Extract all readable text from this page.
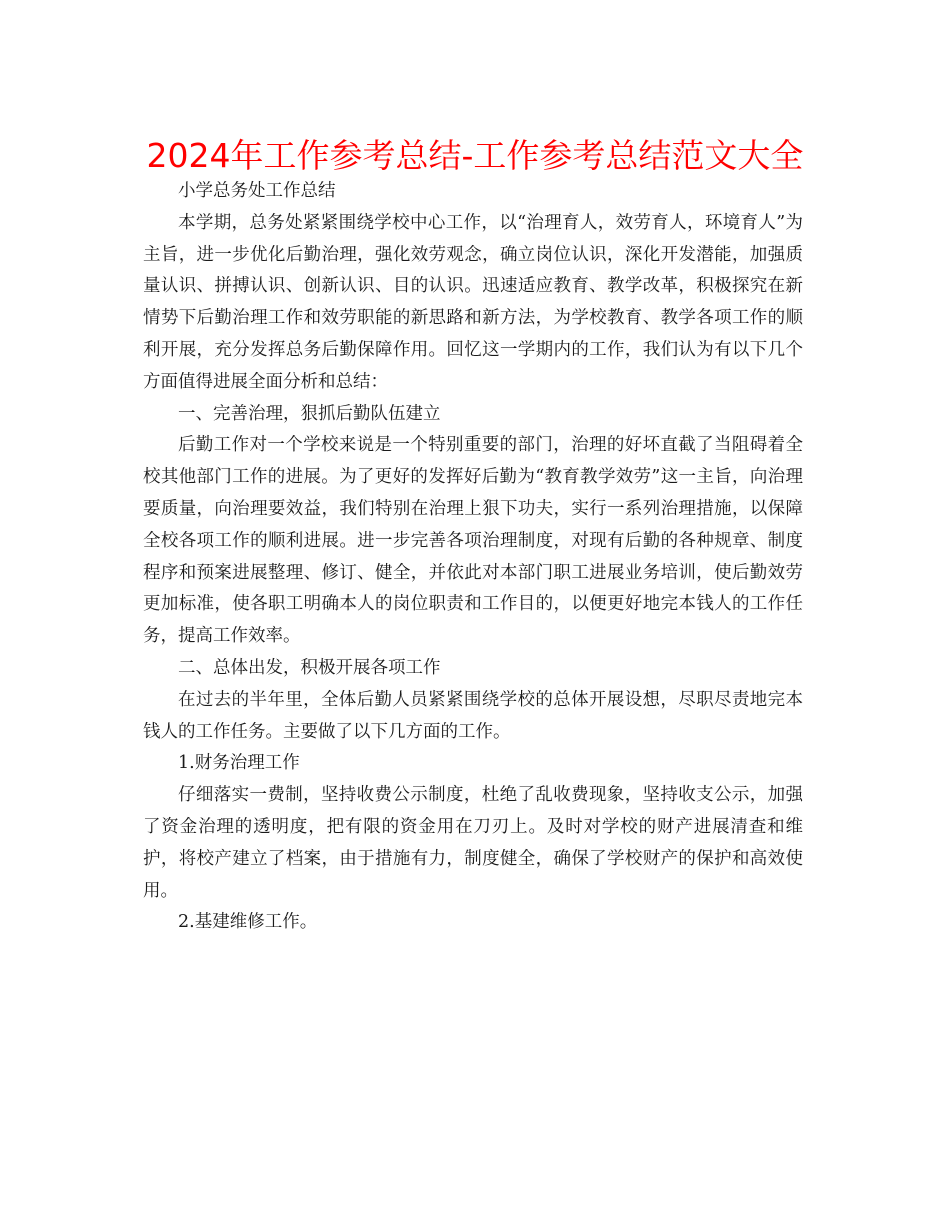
2024年工作参考总结-工作参考总结范文大全

小学总务处工作总结

本学期，总务处紧紧围绕学校中心工作，以“治理育人，效劳育人，环境育人”为主旨，进一步优化后勤治理，强化效劳观念，确立岗位认识，深化开发潜能，加强质量认识、拼搏认识、创新认识、目的认识。迅速适应教育、教学改革，积极探究在新情势下后勤治理工作和效劳职能的新思路和新方法，为学校教育、教学各项工作的顺利开展，充分发挥总务后勤保障作用。回忆这一学期内的工作，我们认为有以下几个方面值得进展全面分析和总结：

一、完善治理，狠抓后勤队伍建立

后勤工作对一个学校来说是一个特别重要的部门，治理的好坏直截了当阻碍着全校其他部门工作的进展。为了更好的发挥好后勤为“教育教学效劳”这一主旨，向治理要质量，向治理要效益，我们特别在治理上狠下功夫，实行一系列治理措施，以保障全校各项工作的顺利进展。进一步完善各项治理制度，对现有后勤的各种规章、制度程序和预案进展整理、修订、健全，并依此对本部门职工进展业务培训，使后勤效劳更加标准，使各职工明确本人的岗位职责和工作目的，以便更好地完本钱人的工作任务，提高工作效率。

二、总体出发，积极开展各项工作

在过去的半年里，全体后勤人员紧紧围绕学校的总体开展设想，尽职尽责地完本钱人的工作任务。主要做了以下几方面的工作。

1.财务治理工作

仔细落实一费制，坚持收费公示制度，杜绝了乱收费现象，坚持收支公示，加强了资金治理的透明度，把有限的资金用在刀刃上。及时对学校的财产进展清查和维护，将校产建立了档案，由于措施有力，制度健全，确保了学校财产的保护和高效使用。

2.基建维修工作。
